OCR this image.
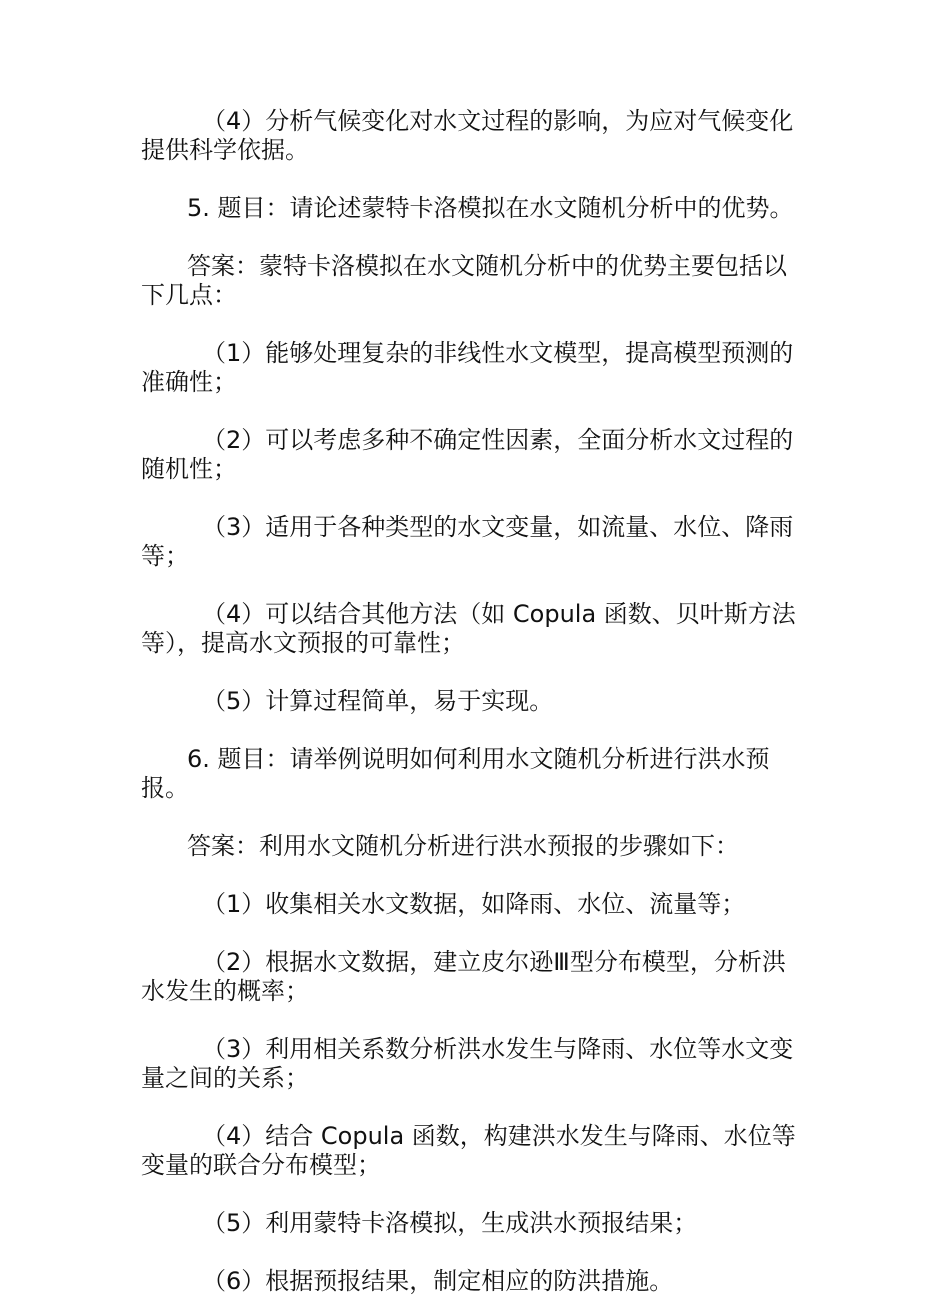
（4）分析气候变化对水文过程的影响，为应对气候变化提供科学依据。

5. 题目：请论述蒙特卡洛模拟在水文随机分析中的优势。

答案：蒙特卡洛模拟在水文随机分析中的优势主要包括以下几点：

（1）能够处理复杂的非线性水文模型，提高模型预测的准确性；

（2）可以考虑多种不确定性因素，全面分析水文过程的随机性；

（3）适用于各种类型的水文变量，如流量、水位、降雨等；

（4）可以结合其他方法（如 Copula 函数、贝叶斯方法等），提高水文预报的可靠性；

（5）计算过程简单，易于实现。

6. 题目：请举例说明如何利用水文随机分析进行洪水预报。

答案：利用水文随机分析进行洪水预报的步骤如下：

（1）收集相关水文数据，如降雨、水位、流量等；

（2）根据水文数据，建立皮尔逊Ⅲ型分布模型，分析洪水发生的概率；

（3）利用相关系数分析洪水发生与降雨、水位等水文变量之间的关系；

（4）结合 Copula 函数，构建洪水发生与降雨、水位等变量的联合分布模型；

（5）利用蒙特卡洛模拟，生成洪水预报结果；

（6）根据预报结果，制定相应的防洪措施。
